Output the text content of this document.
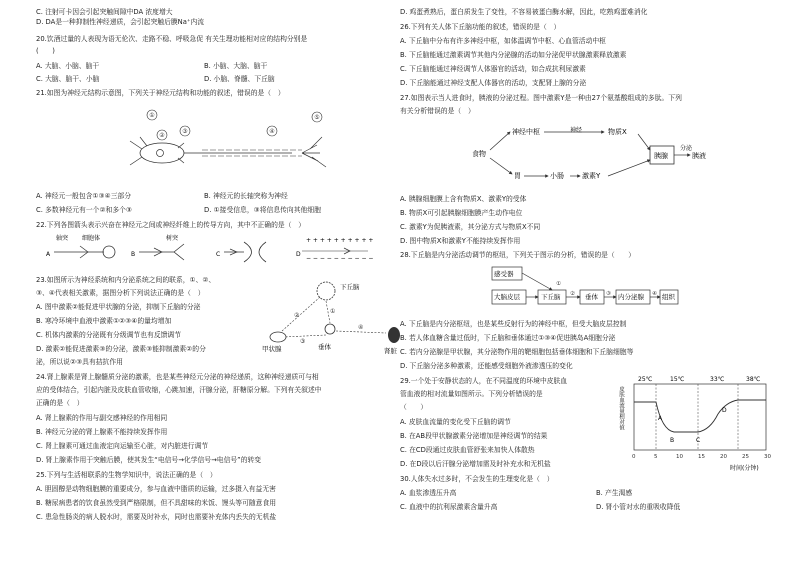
C. 注射可卡因会引起突触间隙中DA 浓度增大
D. DA是一种抑制性神经递质，会引起突触后膜Na⁺内流
20.饮酒过量的人表现为语无伦次、走路不稳、呼吸急促 有关生理功能相对应的结构分别是
(　　)
A. 大脑、小脑、脑干	B. 小脑、大脑、脑干
C. 大脑、脑干、小脑	D. 小脑、脊髓、下丘脑
21.如图为神经元结构示意图，下列关于神经元结构和功能的叙述，错误的是（　）
①
②
③	④
⑤
A. 神经元一般包含①③④三部分	B. 神经元的长轴突称为神经
C. 多数神经元有一个②和多个③	D. ①接受信息，③将信息传向其他细胞
22.下列各图箭头表示兴奋在神经元之间或神经纤维上的传导方向，其中不正确的是（　）
轴突 细胞体	树突	+ + + + + + + + + +
− − − − − − − − − −
A	B	C	D
23.如图所示为神经系统和内分泌系统之间的联系，①、②、
③、④代表相关激素，据图分析下列说法正确的是（　）
A. 图中激素②能促进甲状腺的分泌，抑制下丘脑的分泌
B. 寒冷环境中血液中激素①②③④的量均增加
C. 机体内激素的分泌既有分级调节也有反馈调节
D. 激素②能促进激素③的分泌，激素③能抑制激素②的分
泌，所以说②③具有拮抗作用
下丘脑
垂体
甲状腺	肾脏
①
②
③
④
24.肾上腺素是肾上腺髓质分泌的激素，也是某些神经元分泌的神经递质，这种神经递质可与相
应的受体结合，引起内脏及皮肤血管收缩，心跳加速，汗腺分泌，肝糖原分解。下列有关叙述中
正确的是（　）
A. 肾上腺素的作用与副交感神经的作用相同
B. 神经元分泌的肾上腺素不能持续发挥作用
C. 肾上腺素可通过血液定向运输至心脏，对内脏进行调节
D. 肾上腺素作用于突触后膜，使其发生“电信号→化学信号→电信号”的转变
25.下列与生活相联系的生物学知识中，说法正确的是（　）
A. 胆固醇是动物细胞膜的重要成分，参与血液中脂质的运输，过多摄入有益无害
B. 糖尿病患者的饮食虽然受到严格限制，但不具甜味的米饭、馒头等可随意食用
C. 患急性肠炎的病人脱水时，需要及时补水，同时也需要补充体内丢失的无机盐
D. 鸡蛋煮熟后，蛋白质发生了变性，不容易被蛋白酶水解，因此，吃熟鸡蛋难消化
26.下列有关人体下丘脑功能的叙述，错误的是（　）
A. 下丘脑中分布有许多神经中枢，如体温调节中枢、心血管活动中枢
B. 下丘脑能通过激素调节其他内分泌腺的活动如分泌促甲状腺激素释放激素
C. 下丘脑能通过神经调节人体器官的活动，如合成抗利尿激素
D. 下丘脑能通过神经支配人体器官的活动，支配肾上腺的分泌
27.如图表示当人进食时，胰液的分泌过程。图中激素Y是一种由27个氨基酸组成的多肽。下列
有关分析错误的是（　）
食物
神经中枢	神经	物质X
胃	小肠	激素Y
胰腺
分泌
胰液
A. 胰腺细胞膜上含有物质X、激素Y的受体
B. 物质X可引起胰腺细胞膜产生动作电位
C. 激素Y为促胰液素，其分泌方式与物质X不同
D. 图中物质X和激素Y不能持续发挥作用
28.下丘脑是内分泌活动调节的枢纽，下列关于图示的分析，错误的是（　　）
感受器
大脑皮层	下丘脑	垂体	内分泌腺	组织
①
②	③	④
A. 下丘脑是内分泌枢纽，也是某些反射行为的神经中枢，但受大脑皮层控制
B. 若人体血糖含量过低时，下丘脑和垂体通过①③④促进胰岛A细胞分泌
C. 若内分泌腺是甲状腺，其分泌物作用的靶细胞包括垂体细胞和下丘脑细胞等
D. 下丘脑分泌多种激素，还能感受细胞外液渗透压的变化
29.一个处于安静状态的人，在不同温度的环境中皮肤血
管血液的相对流量如图所示。下列分析错误的是
（　　）
A. 皮肤血流量的变化受下丘脑的调节
B. 在AB段甲状腺激素分泌增加是神经调节的结果
C. 在CD段通过皮肤血管舒张来加快人体散热
D. 在D段以后汗腺分泌增加需及时补充水和无机盐
25℃	15℃	33℃	38℃
皮肤血流量相对值	A
B	C
D
0	5	10	15	20	25	30
时间(分钟)
30.人体失水过多时，不会发生的生理变化是（　）
A. 血浆渗透压升高	B. 产生渴感
C. 血液中的抗利尿激素含量升高	D. 肾小管对水的重吸收降低
